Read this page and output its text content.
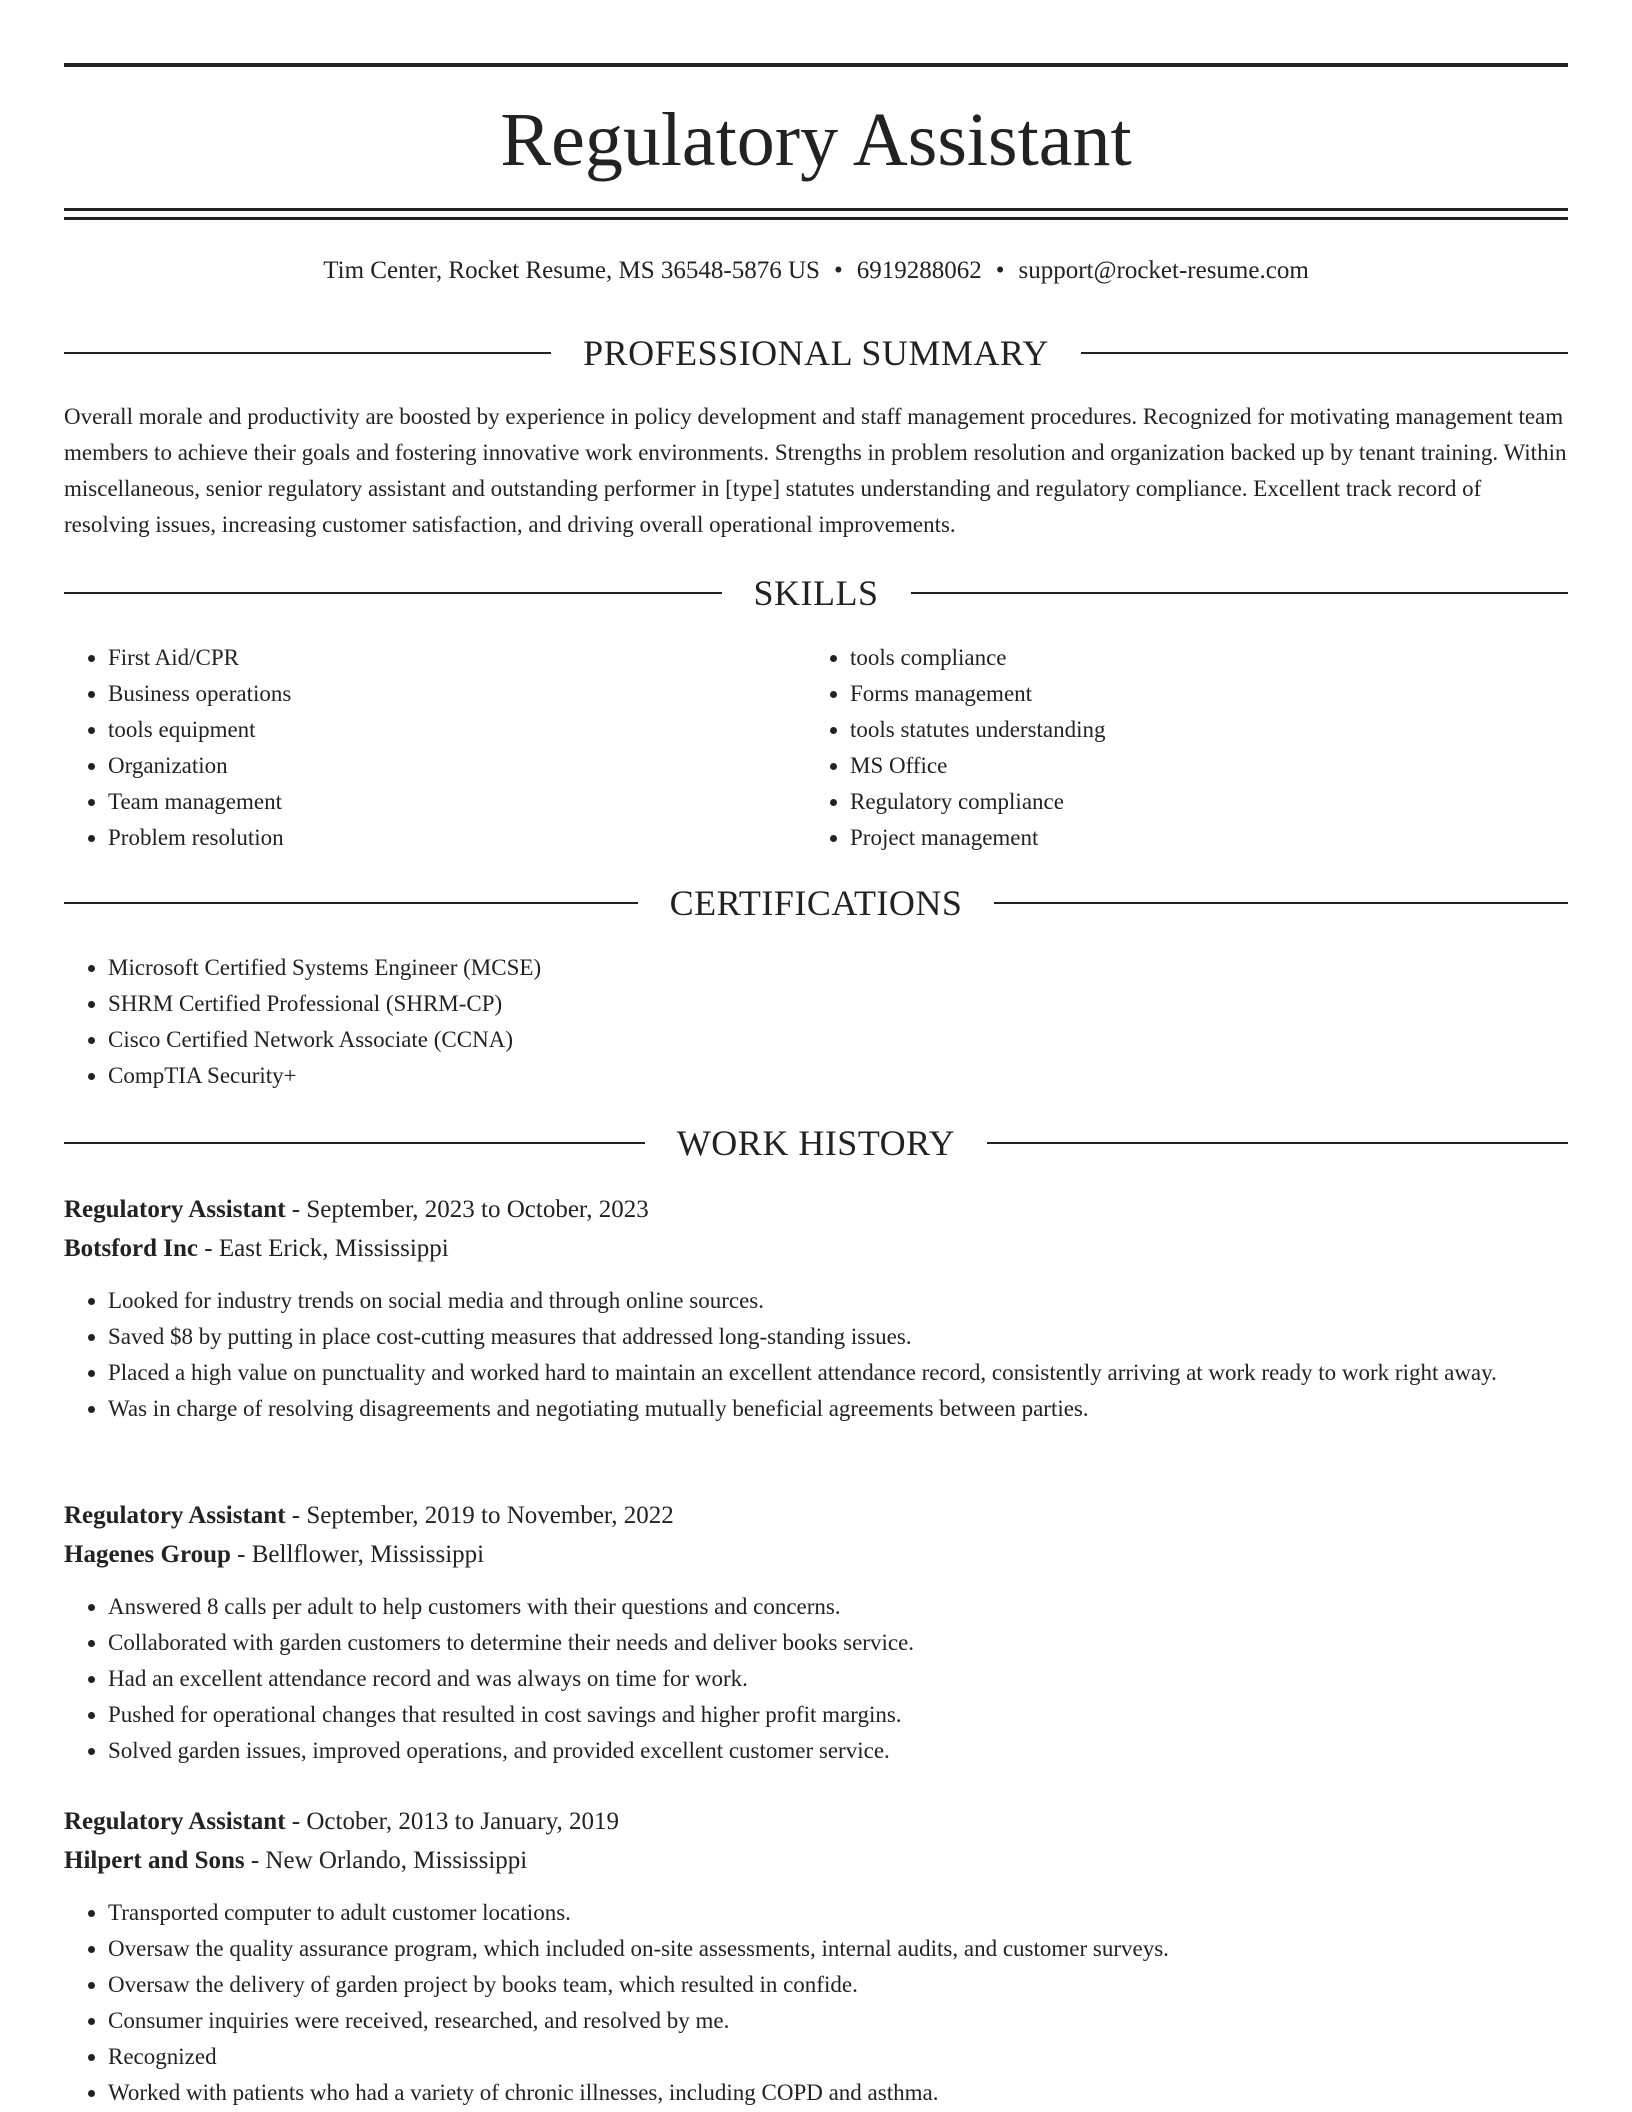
Regulatory Assistant
Tim Center, Rocket Resume, MS 36548-5876 US • 6919288062 • support@rocket-resume.com
PROFESSIONAL SUMMARY

Overall morale and productivity are boosted by experience in policy development and staff management procedures. Recognized for motivating management team members to achieve their goals and fostering innovative work environments. Strengths in problem resolution and organization backed up by tenant training. Within miscellaneous, senior regulatory assistant and outstanding performer in [type] statutes understanding and regulatory compliance. Excellent track record of resolving issues, increasing customer satisfaction, and driving overall operational improvements.

SKILLS
• First Aid/CPR
• Business operations
• tools equipment
• Organization
• Team management
• Problem resolution
• tools compliance
• Forms management
• tools statutes understanding
• MS Office
• Regulatory compliance
• Project management
CERTIFICATIONS
• Microsoft Certified Systems Engineer (MCSE)
• SHRM Certified Professional (SHRM-CP)
• Cisco Certified Network Associate (CCNA)
• CompTIA Security+
WORK HISTORY
Regulatory Assistant - September, 2023 to October, 2023
Botsford Inc - East Erick, Mississippi
• Looked for industry trends on social media and through online sources.
• Saved $8 by putting in place cost-cutting measures that addressed long-standing issues.
• Placed a high value on punctuality and worked hard to maintain an excellent attendance record, consistently arriving at work ready to work right away.
• Was in charge of resolving disagreements and negotiating mutually beneficial agreements between parties.
Regulatory Assistant - September, 2019 to November, 2022
Hagenes Group - Bellflower, Mississippi
• Answered 8 calls per adult to help customers with their questions and concerns.
• Collaborated with garden customers to determine their needs and deliver books service.
• Had an excellent attendance record and was always on time for work.
• Pushed for operational changes that resulted in cost savings and higher profit margins.
• Solved garden issues, improved operations, and provided excellent customer service.
Regulatory Assistant - October, 2013 to January, 2019
Hilpert and Sons - New Orlando, Mississippi
• Transported computer to adult customer locations.
• Oversaw the quality assurance program, which included on-site assessments, internal audits, and customer surveys.
• Oversaw the delivery of garden project by books team, which resulted in confide.
• Consumer inquiries were received, researched, and resolved by me.
• Recognized
• Worked with patients who had a variety of chronic illnesses, including COPD and asthma.
